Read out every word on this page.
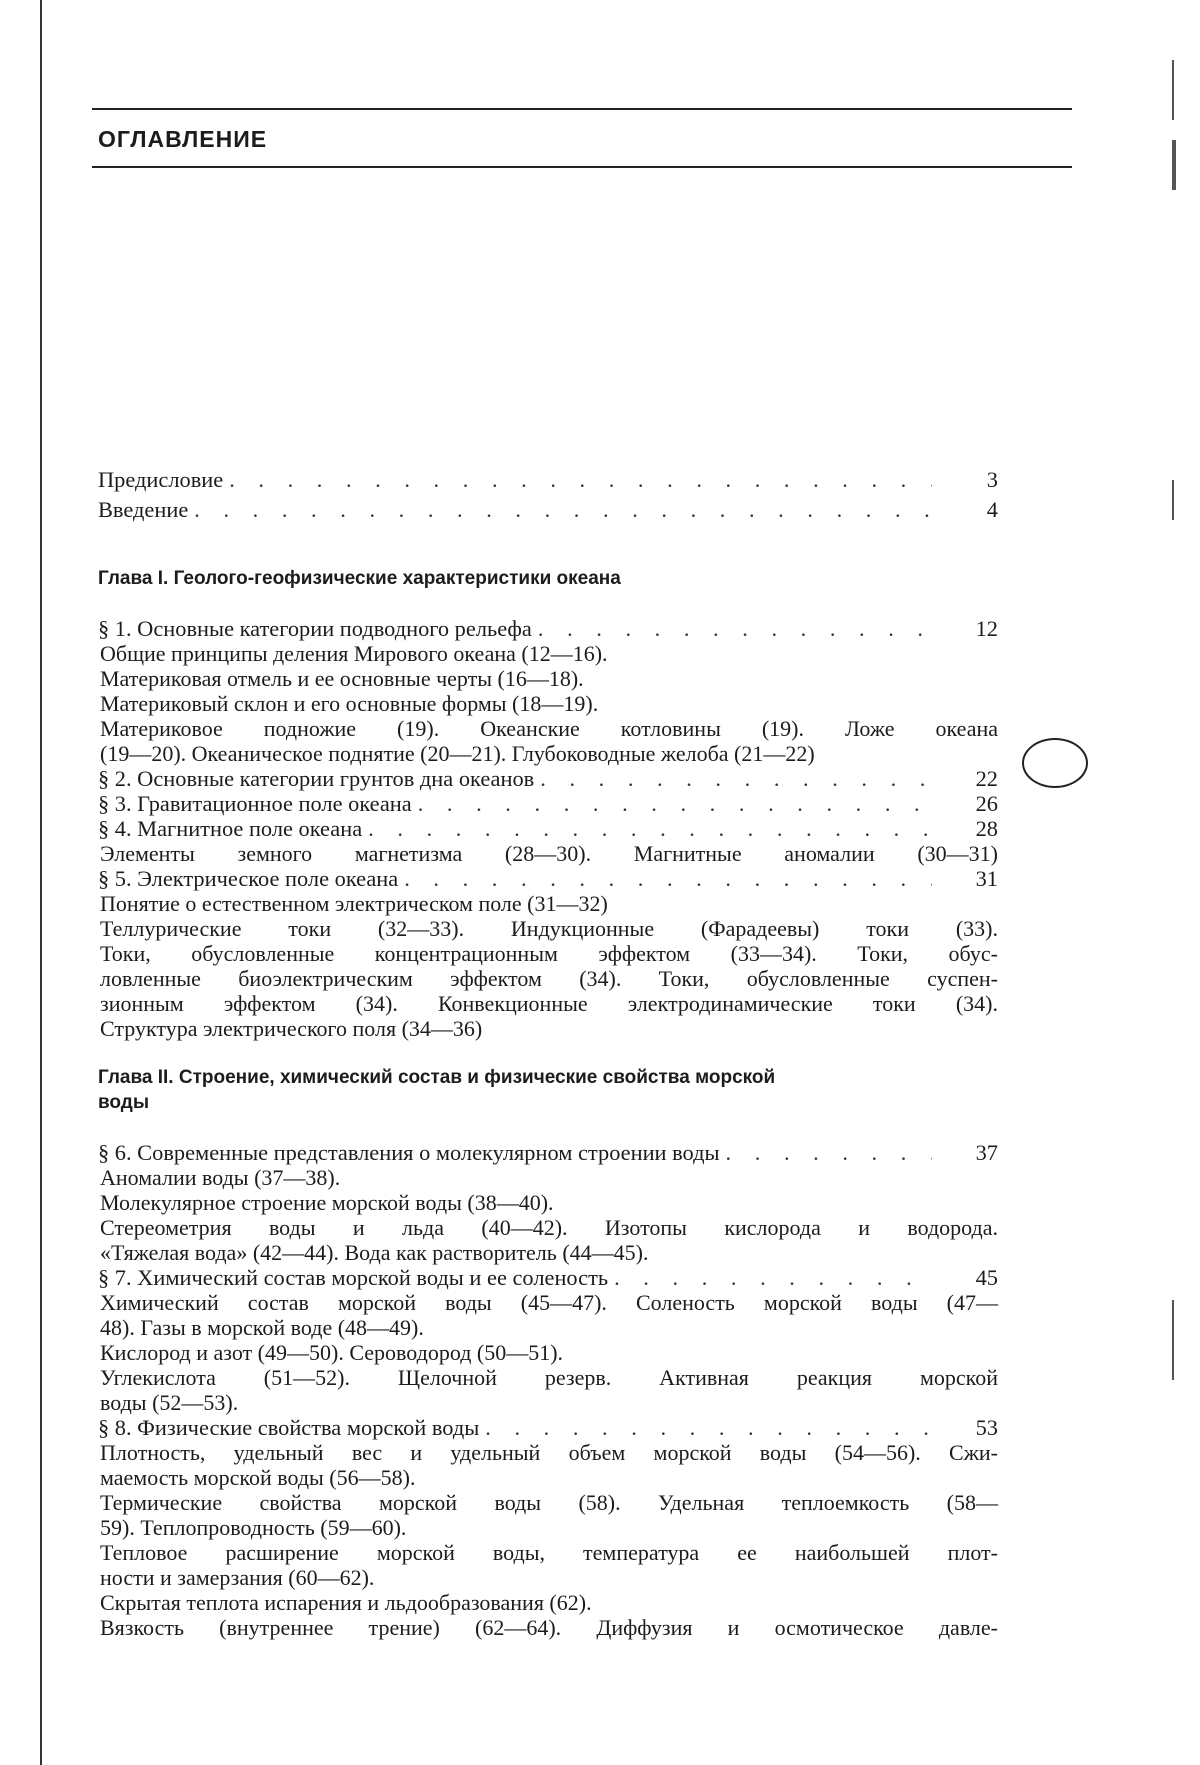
ОГЛАВЛЕНИЕ
Предисловие
. . .	3
Введение
. . .	4
Глава I. Геолого-геофизические характеристики океана
§ 1. Основные категории подводного рельефа
. . .	12
Общие принципы деления Мирового океана (12—16).
Материковая отмель и ее основные черты (16—18).
Материковый склон и его основные формы (18—19).
Материковое подножие (19). Океанские котловины (19). Ложе океана
(19—20). Океаническое поднятие (20—21). Глубоководные желоба (21—22)
§ 2. Основные категории грунтов дна океанов
. . .	22
§ 3. Гравитационное поле океана
. . .	26
§ 4. Магнитное поле океана
. . .	28
Элементы земного магнетизма (28—30). Магнитные аномалии (30—31)
§ 5. Электрическое поле океана
. . .	31
Понятие о естественном электрическом поле (31—32)
Теллурические токи (32—33). Индукционные (Фарадеевы) токи (33).
Токи, обусловленные концентрационным эффектом (33—34). Токи, обус-
ловленные биоэлектрическим эффектом (34). Токи, обусловленные суспен-
зионным эффектом (34). Конвекционные электродинамические токи (34).
Структура электрического поля (34—36)
Глава II. Строение, химический состав и физические свойства морской
воды
§ 6. Современные представления о молекулярном строении воды
. . .	37
Аномалии воды (37—38).
Молекулярное строение морской воды (38—40).
Стереометрия воды и льда (40—42). Изотопы кислорода и водорода.
«Тяжелая вода» (42—44). Вода как растворитель (44—45).
§ 7. Химический состав морской воды и ее соленость
. . .	45
Химический состав морской воды (45—47). Соленость морской воды (47—
48). Газы в морской воде (48—49).
Кислород и азот (49—50). Сероводород (50—51).
Углекислота (51—52). Щелочной резерв. Активная реакция морской
воды (52—53).
§ 8. Физические свойства морской воды
. . .	53
Плотность, удельный вес и удельный объем морской воды (54—56). Сжи-
маемость морской воды (56—58).
Термические свойства морской воды (58). Удельная теплоемкость (58—
59). Теплопроводность (59—60).
Тепловое расширение морской воды, температура ее наибольшей плот-
ности и замерзания (60—62).
Скрытая теплота испарения и льдообразования (62).
Вязкость (внутреннее трение) (62—64). Диффузия и осмотическое давле-
